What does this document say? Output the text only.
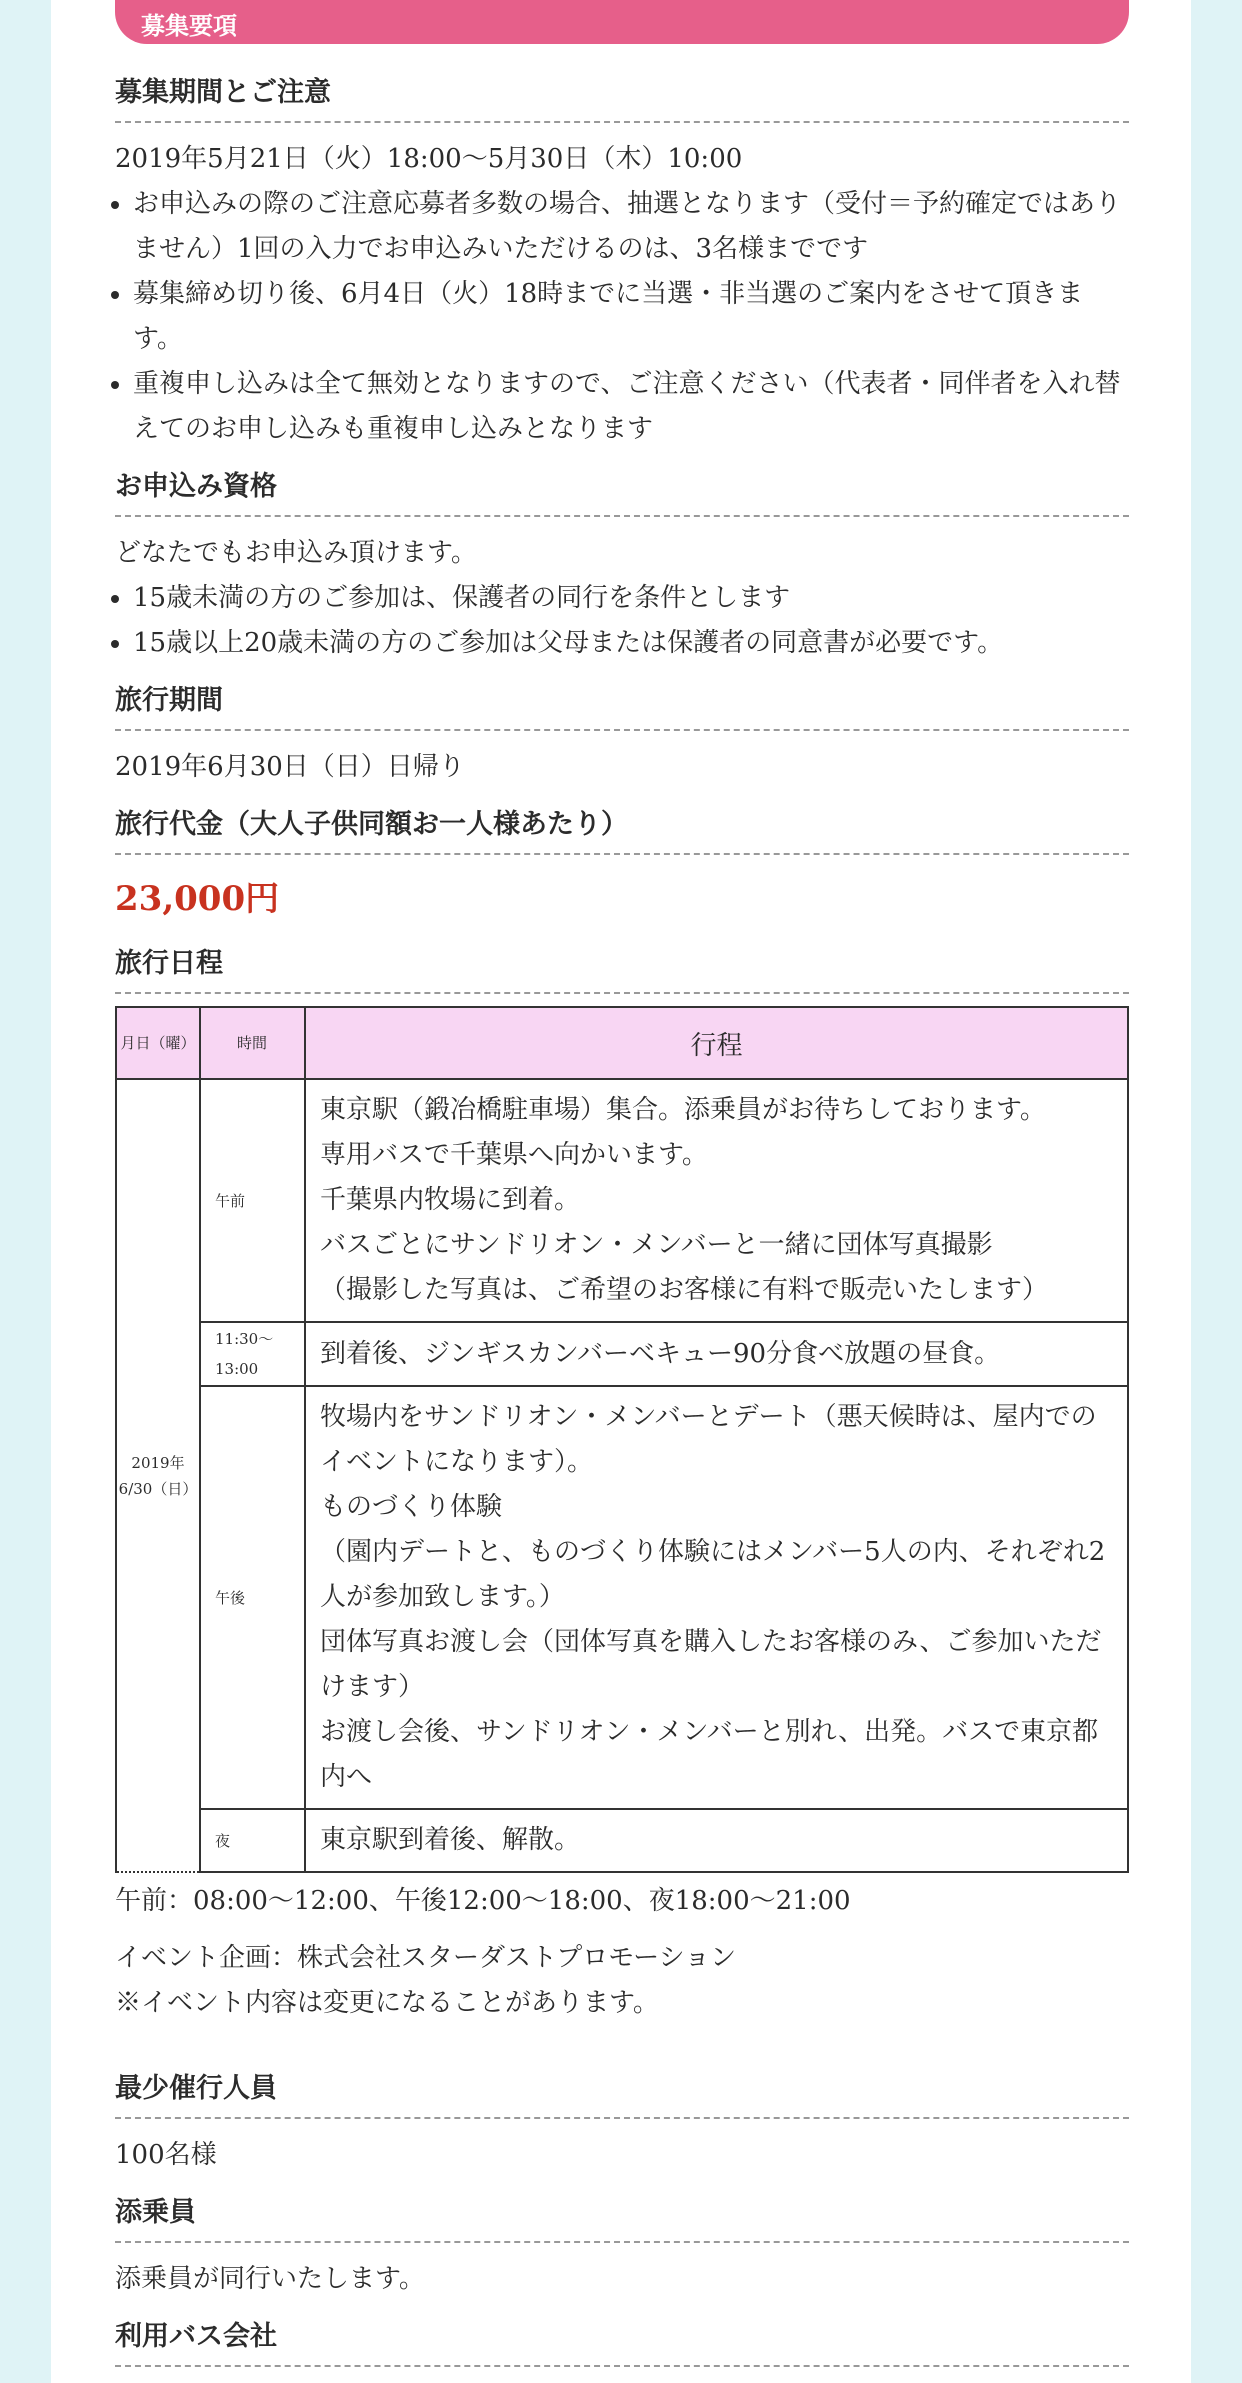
募集要項
募集期間とご注意

2019年5月21日（火）18:00〜5月30日（木）10:00

• お申込みの際のご注意応募者多数の場合、抽選となります（受付＝予約確定ではありません）1回の入力でお申込みいただけるのは、3名様までです
• 募集締め切り後、6月4日（火）18時までに当選・非当選のご案内をさせて頂きます。
• 重複申し込みは全て無効となりますので、ご注意ください（代表者・同伴者を入れ替えてのお申し込みも重複申し込みとなります
お申込み資格

どなたでもお申込み頂けます。

• 15歳未満の方のご参加は、保護者の同行を条件とします
• 15歳以上20歳未満の方のご参加は父母または保護者の同意書が必要です。
旅行期間

2019年6月30日（日）日帰り

旅行代金（大人子供同額お一人様あたり）

23,000円

旅行日程
月日（曜）	時間	行程
2019年6/30（日）	午前	東京駅（鍛冶橋駐車場）集合。添乗員がお待ちしております。
専用バスで千葉県へ向かいます。
千葉県内牧場に到着。
バスごとにサンドリオン・メンバーと一緒に団体写真撮影
（撮影した写真は、ご希望のお客様に有料で販売いたします）

	11:30〜13:00	到着後、ジンギスカンバーベキュー90分食べ放題の昼食。

	午後	牧場内をサンドリオン・メンバーとデート（悪天候時は、屋内でのイベントになります）。
ものづくり体験
（園内デートと、ものづくり体験にはメンバー5人の内、それぞれ2人が参加致します。）
団体写真お渡し会（団体写真を購入したお客様のみ、ご参加いただけます）
お渡し会後、サンドリオン・メンバーと別れ、出発。バスで東京都内へ

	夜	東京駅到着後、解散。

午前：08:00〜12:00、午後12:00〜18:00、夜18:00〜21:00

イベント企画：株式会社スターダストプロモーション

※イベント内容は変更になることがあります。

最少催行人員

100名様

添乗員

添乗員が同行いたします。

利用バス会社
